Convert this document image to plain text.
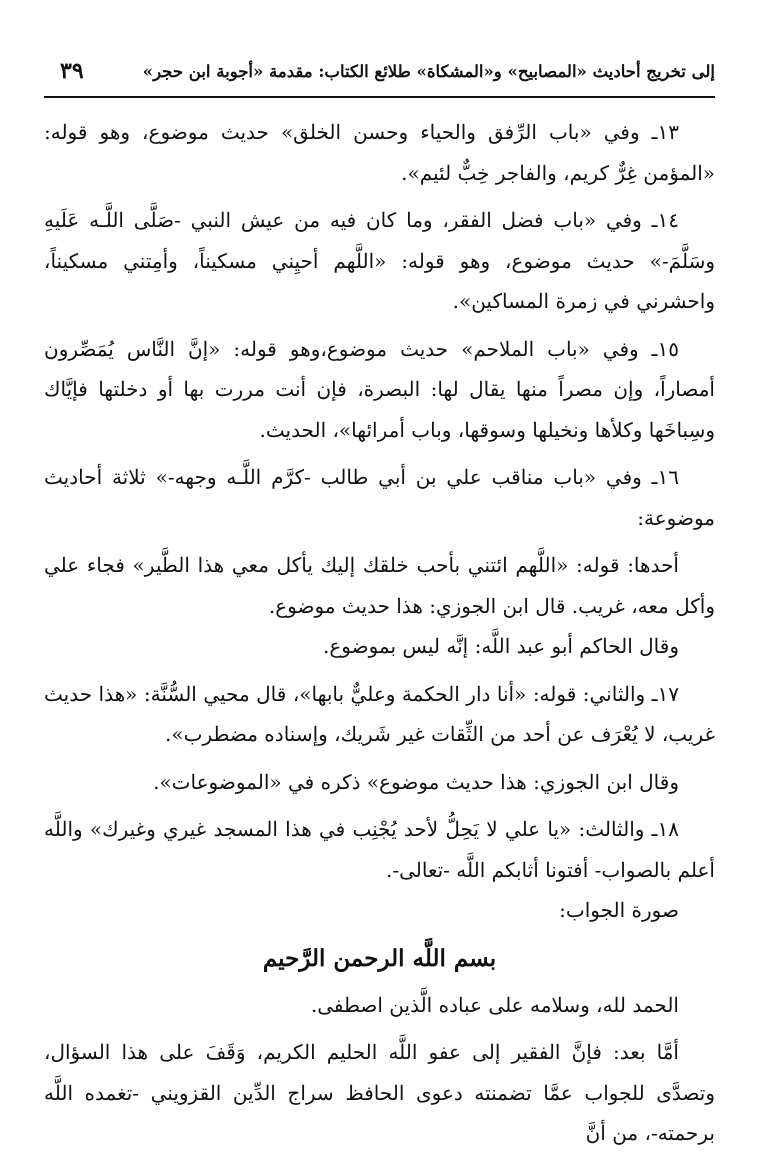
إلى تخريج أحاديث «المصابيح» و«المشكاة» طلائع الكتاب: مقدمة «أجوبة ابن حجر»
٣٩

١٣ـ وفي «باب الرِّفق والحياء وحسن الخلق» حديث موضوع، وهو قوله: «المؤمن غِرٌّ كريم، والفاجر خِبٌّ لئيم».

١٤ـ وفي «باب فضل الفقر، وما كان فيه من عيش النبي -صَلَّى اللَّـه عَلَيهِ وسَلَّمَ-» حديث موضوع، وهو قوله: «اللَّهم أحيِني مسكيناً، وأمِتني مسكيناً، واحشرني في زمرة المساكين».

١٥ـ وفي «باب الملاحم» حديث موضوع،وهو قوله: «إنَّ النَّاس يُمَصِّرون أمصاراً، وإن مصراً منها يقال لها: البصرة، فإن أنت مررت بها أو دخلتها فإيَّاك وسِباخَها وكلأها ونخيلها وسوقها، وباب أمرائها»، الحديث.

١٦ـ وفي «باب مناقب علي بن أبي طالب -كرَّم اللَّـه وجهه-» ثلاثة أحاديث موضوعة:

أحدها: قوله: «اللَّهم ائتني بأحب خلقك إليك يأكل معي هذا الطَّير» فجاء علي وأكل معه، غريب. قال ابن الجوزي: هذا حديث موضوع.

وقال الحاكم أبو عبد اللَّه: إنَّه ليس بموضوع.

١٧ـ والثاني: قوله: «أنا دار الحكمة وعليٌّ بابها»، قال محيي السُّنَّة: «هذا حديث غريب، لا يُعْرَف عن أحد من الثِّقات غير شَريك، وإسناده مضطرب».

وقال ابن الجوزي: هذا حديث موضوع» ذكره في «الموضوعات».

١٨ـ والثالث: «يا علي لا يَحِلُّ لأحد يُجْنِب في هذا المسجد غيري وغيرك» واللَّه أعلم بالصواب- أفتونا أثابكم اللَّه -تعالى-.

صورة الجواب:

بسم اللَّه الرحمن الرَّحيم

الحمد لله، وسلامه على عباده الَّذين اصطفى.

أمَّا بعد: فإنَّ الفقير إلى عفو اللَّه الحليم الكريم، وَقَفَ على هذا السؤال، وتصدَّى للجواب عمَّا تضمنته دعوى الحافظ سراج الدِّين القزويني -تغمده اللَّه برحمته-، من أنَّ
